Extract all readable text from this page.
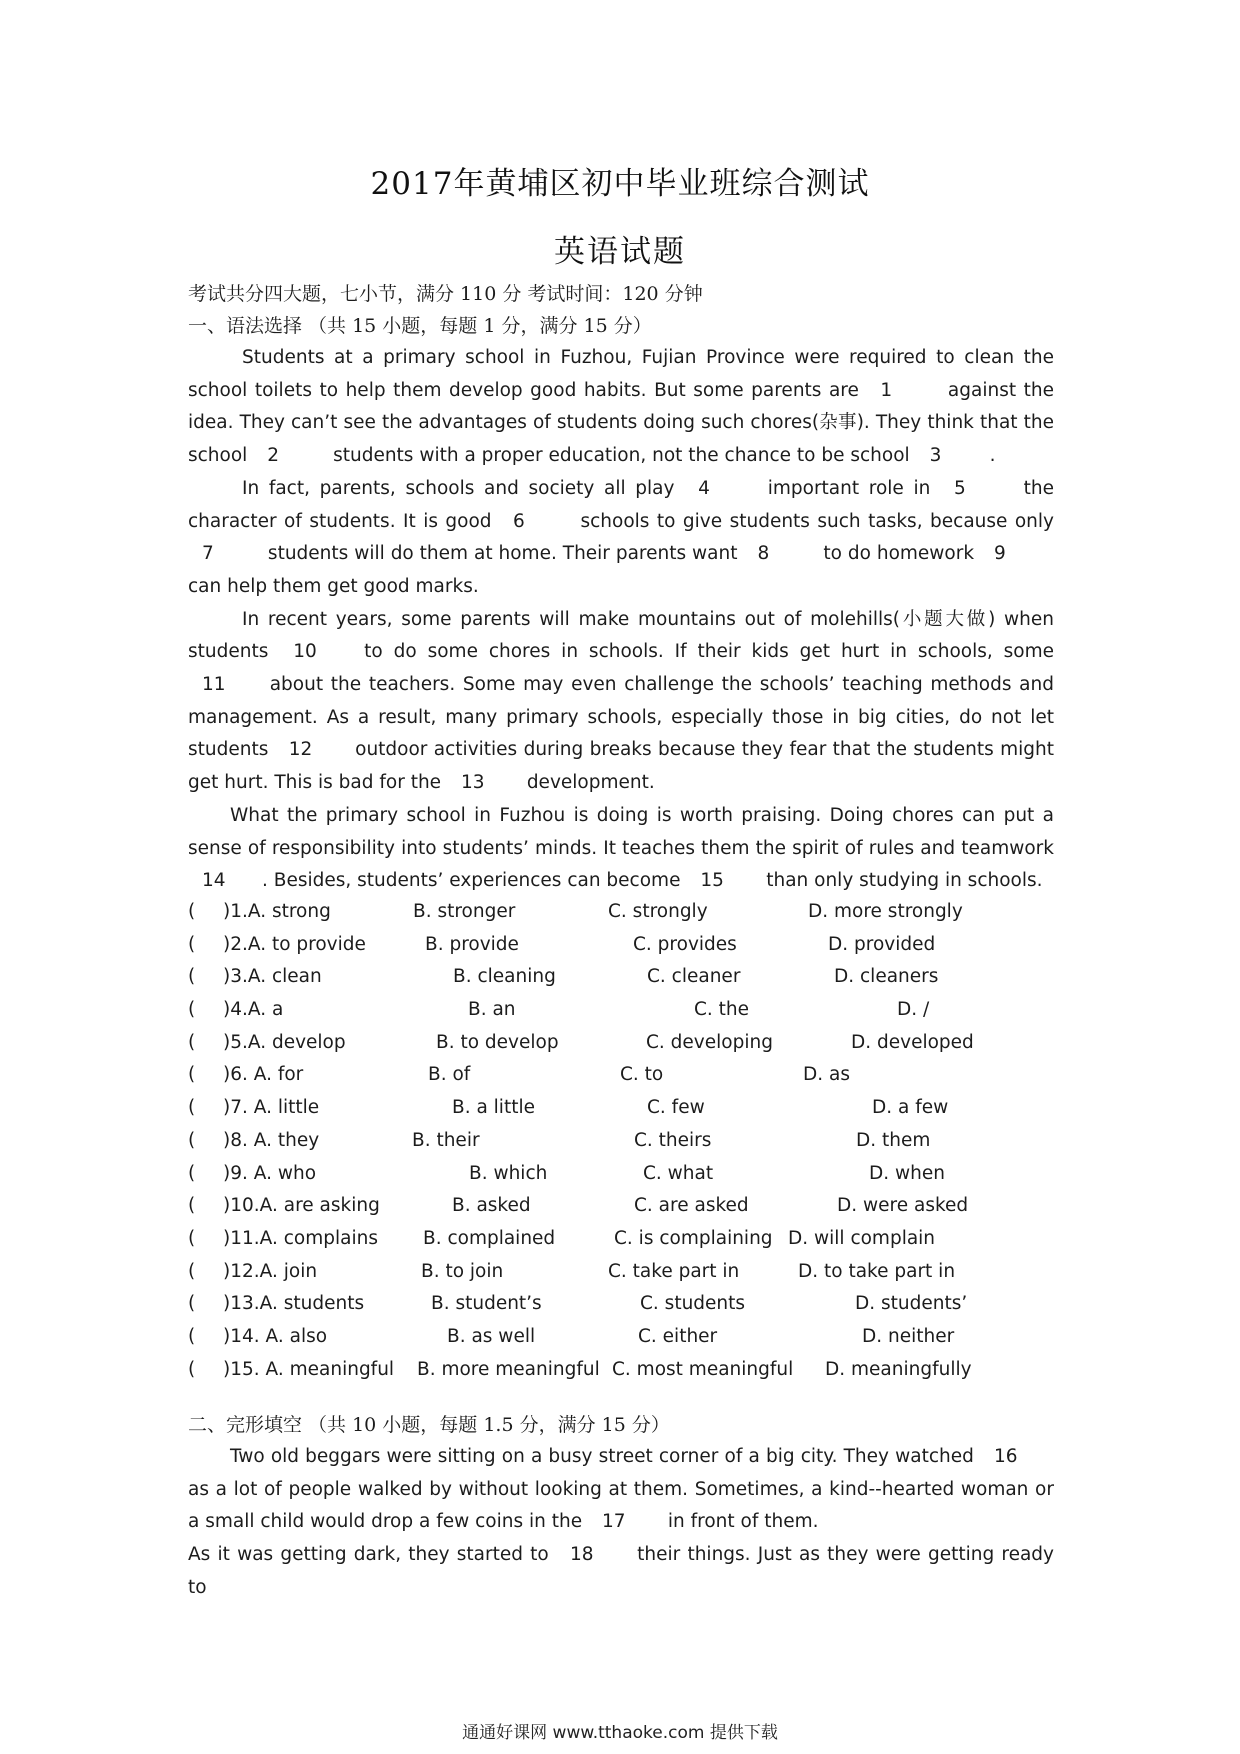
2017年黄埔区初中毕业班综合测试
英语试题
考试共分四大题，七小节，满分 110 分 考试时间：120 分钟
一、语法选择 （共 15 小题，每题 1 分，满分 15 分）

Students at a primary school in Fuzhou, Fujian Province were required to clean the school toilets to help them develop good habits. But some parents are 1	against the idea. They can’t see the advantages of students doing such chores(杂事). They think that the school 2	students with a proper education, not the chance to be school 3	.

In fact, parents, schools and society all play 4	important role in 5	the character of students. It is good 6	schools to give students such tasks, because only 7	students will do them at home. Their parents want 8	to do homework 9 can help them get good marks.

In recent years, some parents will make mountains out of molehills(小题大做) when students 10 to do some chores in schools. If their kids get hurt in schools, some 11 about the teachers. Some may even challenge the schools’ teaching methods and management. As a result, many primary schools, especially those in big cities, do not let students 12 outdoor activities during breaks because they fear that the students might get hurt. This is bad for the 13 development.

What the primary school in Fuzhou is doing is worth praising. Doing chores can put a sense of responsibility into students’ minds. It teaches them the spirit of rules and teamwork 14 . Besides, students’ experiences can become 15 than only studying in schools.

( )1.A. strong	B. stronger	C. strongly	D. more strongly
( )2.A. to provide	B. provide	C. provides	D. provided
( )3.A. clean	B. cleaning	C. cleaner	D. cleaners
( )4.A. a	B. an	C. the	D. /
( )5.A. develop	B. to develop	C. developing	D. developed
( )6. A. for	B. of	C. to	D. as
( )7. A. little	B. a little	C. few	D. a few
( )8. A. they	B. their	C. theirs	D. them
( )9. A. who	B. which	C. what	D. when
( )10.A. are asking	B. asked	C. are asked	D. were asked
( )11.A. complains B. complained	C. is complaining D. will complain
( )12.A. join	B. to join	C. take part in	D. to take part in
( )13.A. students	B. student’s	C. students	D. students’
( )14. A. also	B. as well	C. either	D. neither
( )15. A. meaningful B. more meaningful C. most meaningful D. meaningfully
二、完形填空 （共 10 小题，每题 1.5 分，满分 15 分）

Two old beggars were sitting on a busy street corner of a big city. They watched 16 as a lot of people walked by without looking at them. Sometimes, a kind--hearted woman or a small child would drop a few coins in the 17 in front of them.

As it was getting dark, they started to 18 their things. Just as they were getting ready to

通通好课网 www.tthaoke.com 提供下载
